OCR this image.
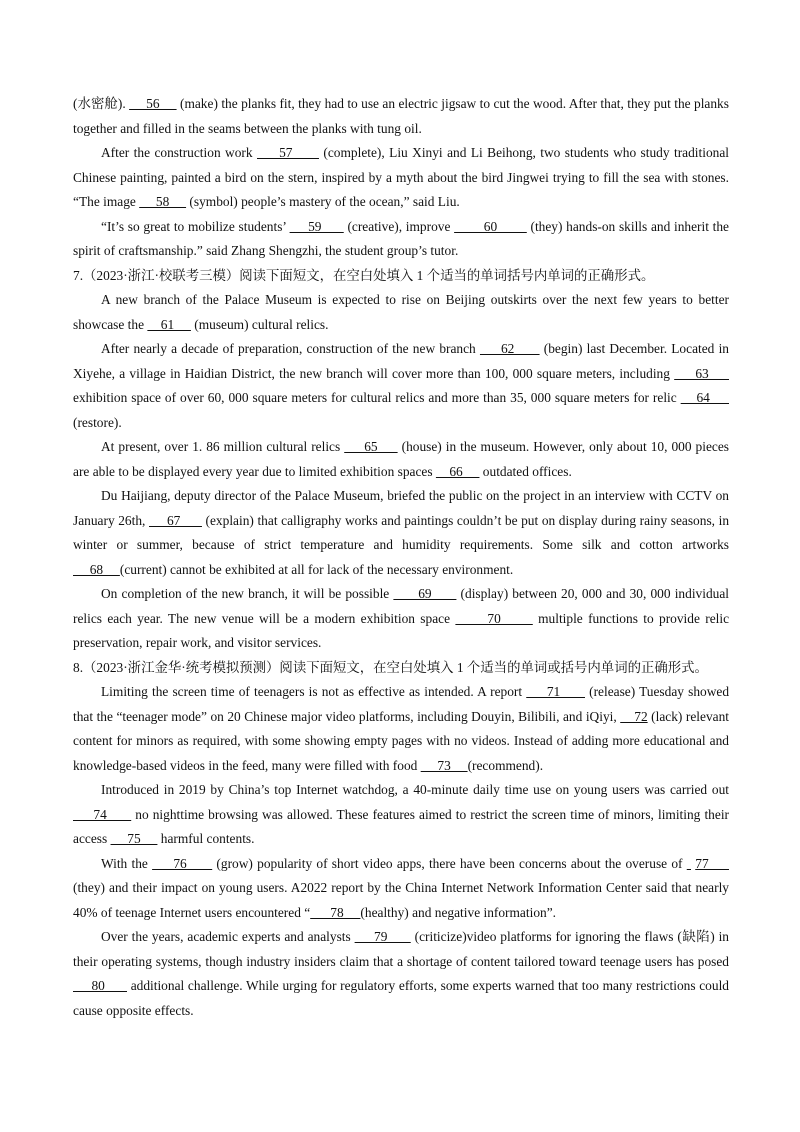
(水密舱).      56      (make) the planks fit, they had to use an electric jigsaw to cut the wood. After that, they put the planks together and filled in the seams between the planks with tung oil.

After the construction work      57       (complete), Liu Xinyi and Li Beihong, two students who study traditional Chinese painting, painted a bird on the stern, inspired by a myth about the bird Jingwei trying to fill the sea with stones. “The image      58      (symbol) people’s mastery of the ocean,” said Liu.

“It’s so great to mobilize students’      59       (creative), improve         60         (they) hands-on skills and inherit the spirit of craftsmanship.” said Zhang Shengzhi, the student group’s tutor.

7.（2023·浙江·校联考三模）阅读下面短文，在空白处填入 1 个适当的单词括号内单词的正确形式。

A new branch of the Palace Museum is expected to rise on Beijing outskirts over the next few years to better showcase the     61      (museum) cultural relics.

After nearly a decade of preparation, construction of the new branch      62       (begin) last December. Located in Xiyehe, a village in Haidian District, the new branch will cover more than 100, 000 square meters, including      63      exhibition space of over 60, 000 square meters for cultural relics and more than 35, 000 square meters for relic     64      (restore).

At present, over 1. 86 million cultural relics      65      (house) in the museum. However, only about 10, 000 pieces are able to be displayed every year due to limited exhibition spaces     66      outdated offices.

Du Haijiang, deputy director of the Palace Museum, briefed the public on the project in an interview with CCTV on January 26th,      67       (explain) that calligraphy works and paintings couldn’t be put on display during rainy seasons, in winter or summer, because of strict temperature and humidity requirements. Some silk and cotton artworks      68     (current) cannot be exhibited at all for lack of the necessary environment.

On completion of the new branch, it will be possible       69       (display) between 20, 000 and 30, 000 individual relics each year. The new venue will be a modern exhibition space       70       multiple functions to provide relic preservation, repair work, and visitor services.

8.（2023·浙江金华·统考模拟预测）阅读下面短文，在空白处填入 1 个适当的单词或括号内单词的正确形式。

Limiting the screen time of teenagers is not as effective as intended. A report      71       (release) Tuesday showed that the “teenager mode” on 20 Chinese major video platforms, including Douyin, Bilibili, and iQiyi,     72 (lack) relevant content for minors as required, with some showing empty pages with no videos. Instead of adding more educational and knowledge-based videos in the feed, many were filled with food      73     (recommend).

Introduced in 2019 by China’s top Internet watchdog, a 40-minute daily time use on young users was carried out      74       no nighttime browsing was allowed. These features aimed to restrict the screen time of minors, limiting their access      75      harmful contents.

With the      76       (grow) popularity of short video apps, there have been concerns about the overuse of   77      (they) and their impact on young users. A2022 report by the China Internet Network Information Center said that nearly 40% of teenage Internet users encountered “      78     (healthy) and negative information”.

Over the years, academic experts and analysts      79       (criticize)video platforms for ignoring the flaws (缺陷) in their operating systems, though industry insiders claim that a shortage of content tailored toward teenage users has posed      80       additional challenge. While urging for regulatory efforts, some experts warned that too many restrictions could cause opposite effects.
